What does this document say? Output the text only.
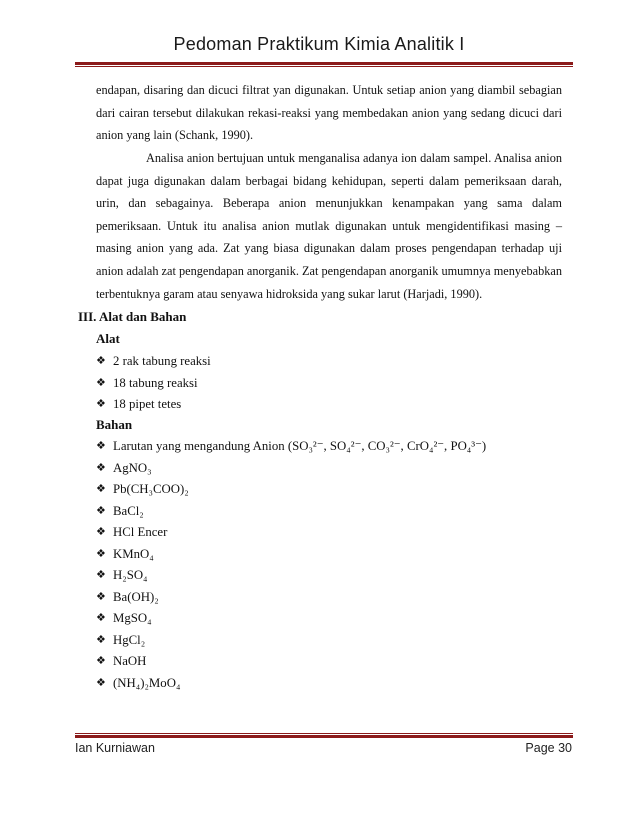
Pedoman Praktikum Kimia Analitik I
endapan, disaring dan dicuci filtrat yan digunakan. Untuk setiap anion yang diambil sebagian dari cairan tersebut dilakukan rekasi-reaksi yang membedakan anion yang sedang dicuci dari anion yang lain (Schank, 1990).
Analisa anion bertujuan untuk menganalisa adanya ion dalam sampel. Analisa anion dapat juga digunakan dalam berbagai bidang kehidupan, seperti dalam pemeriksaan darah, urin, dan sebagainya. Beberapa anion menunjukkan kenampakan yang sama dalam pemeriksaan. Untuk itu analisa anion mutlak digunakan untuk mengidentifikasi masing – masing anion yang ada. Zat yang biasa digunakan dalam proses pengendapan terhadap uji anion adalah zat pengendapan anorganik. Zat pengendapan anorganik umumnya menyebabkan terbentuknya garam atau senyawa hidroksida yang sukar larut (Harjadi, 1990).
III. Alat dan Bahan
Alat
❖ 2 rak tabung reaksi
❖ 18 tabung reaksi
❖ 18 pipet tetes
Bahan
❖ Larutan yang mengandung Anion (SO₃²⁻, SO₄²⁻, CO₃²⁻, CrO₄²⁻, PO₄³⁻)
❖ AgNO₃
❖ Pb(CH₃COO)₂
❖ BaCl₂
❖ HCl Encer
❖ KMnO₄
❖ H₂SO₄
❖ Ba(OH)₂
❖ MgSO₄
❖ HgCl₂
❖ NaOH
❖ (NH₄)₂MoO₄
Ian Kurniawan	Page 30
